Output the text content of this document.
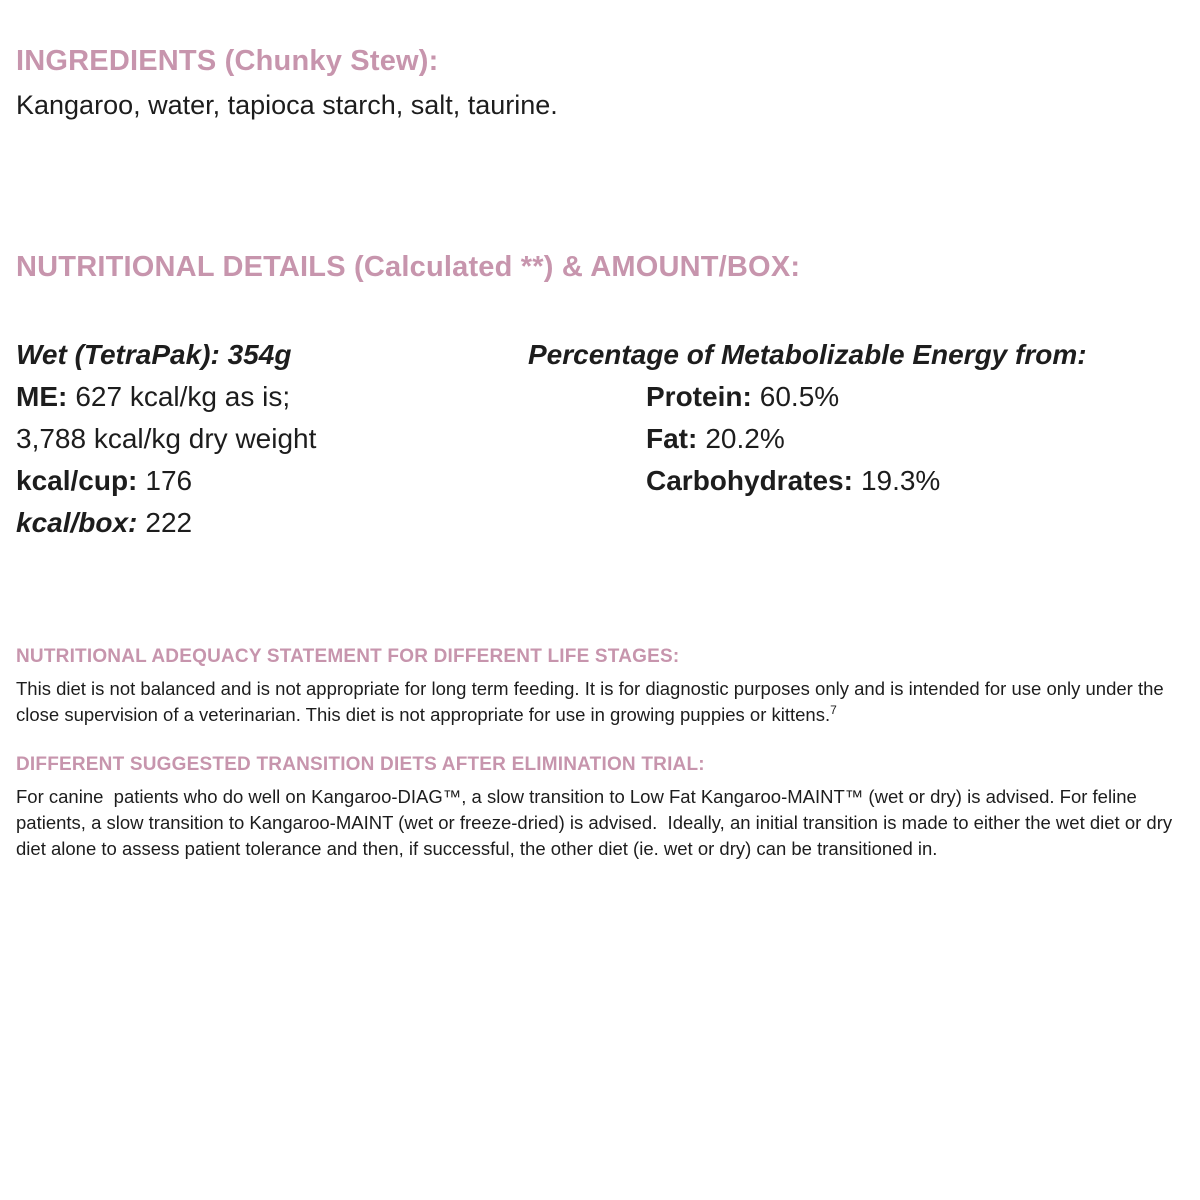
INGREDIENTS (Chunky Stew):
Kangaroo, water, tapioca starch, salt, taurine.
NUTRITIONAL DETAILS (Calculated **) & AMOUNT/BOX:
Wet (TetraPak): 354g
ME: 627 kcal/kg as is;
3,788 kcal/kg dry weight
kcal/cup: 176
kcal/box: 222
Percentage of Metabolizable Energy from:
Protein: 60.5%
Fat: 20.2%
Carbohydrates: 19.3%
NUTRITIONAL ADEQUACY STATEMENT FOR DIFFERENT LIFE STAGES:

This diet is not balanced and is not appropriate for long term feeding. It is for diagnostic purposes only and is intended for use only under the close supervision of a veterinarian. This diet is not appropriate for use in growing puppies or kittens.$^7$

DIFFERENT SUGGESTED TRANSITION DIETS AFTER ELIMINATION TRIAL:

For canine  patients who do well on Kangaroo-DIAG™, a slow transition to Low Fat Kangaroo-MAINT™ (wet or dry) is advised. For feline patients, a slow transition to Kangaroo-MAINT (wet or freeze-dried) is advised.  Ideally, an initial transition is made to either the wet diet or dry diet alone to assess patient tolerance and then, if successful, the other diet (ie. wet or dry) can be transitioned in.
